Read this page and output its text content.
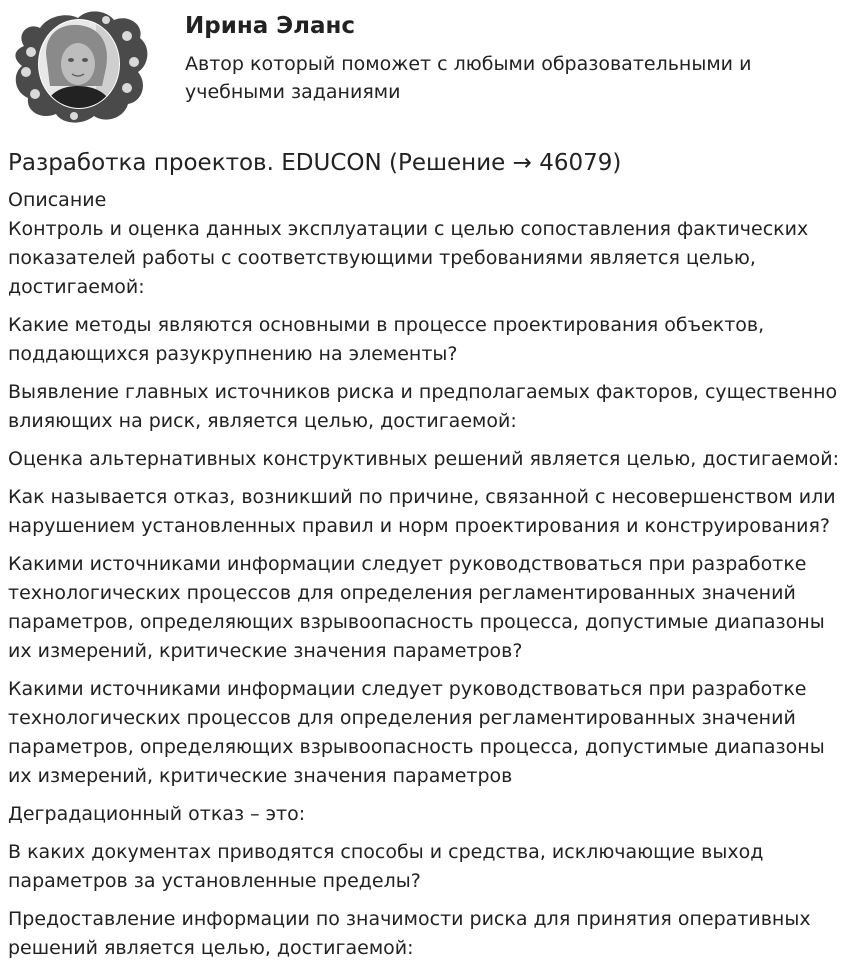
Ирина Эланс
Автор который поможет с любыми образовательными и учебными заданиями
Разработка проектов. EDUCON (Решение → 46079)
Описание

Контроль и оценка данных эксплуатации с целью сопоставления фактических показателей работы с соответствующими требованиями является целью, достигаемой:

Какие методы являются основными в процессе проектирования объектов, поддающихся разукрупнению на элементы?

Выявление главных источников риска и предполагаемых факторов, существенно влияющих на риск, является целью, достигаемой:

Оценка альтернативных конструктивных решений является целью, достигаемой:

Как называется отказ, возникший по причине, связанной с несовершенством или нарушением установленных правил и норм проектирования и конструирования?

Какими источниками информации следует руководствоваться при разработке технологических процессов для определения регламентированных значений параметров, определяющих взрывоопасность процесса, допустимые диапазоны их измерений, критические значения параметров?

Какими источниками информации следует руководствоваться при разработке технологических процессов для определения регламентированных значений параметров, определяющих взрывоопасность процесса, допустимые диапазоны их измерений, критические значения параметров

Деградационный отказ – это:

В каких документах приводятся способы и средства, исключающие выход параметров за установленные пределы?

Предоставление информации по значимости риска для принятия оперативных решений является целью, достигаемой:
